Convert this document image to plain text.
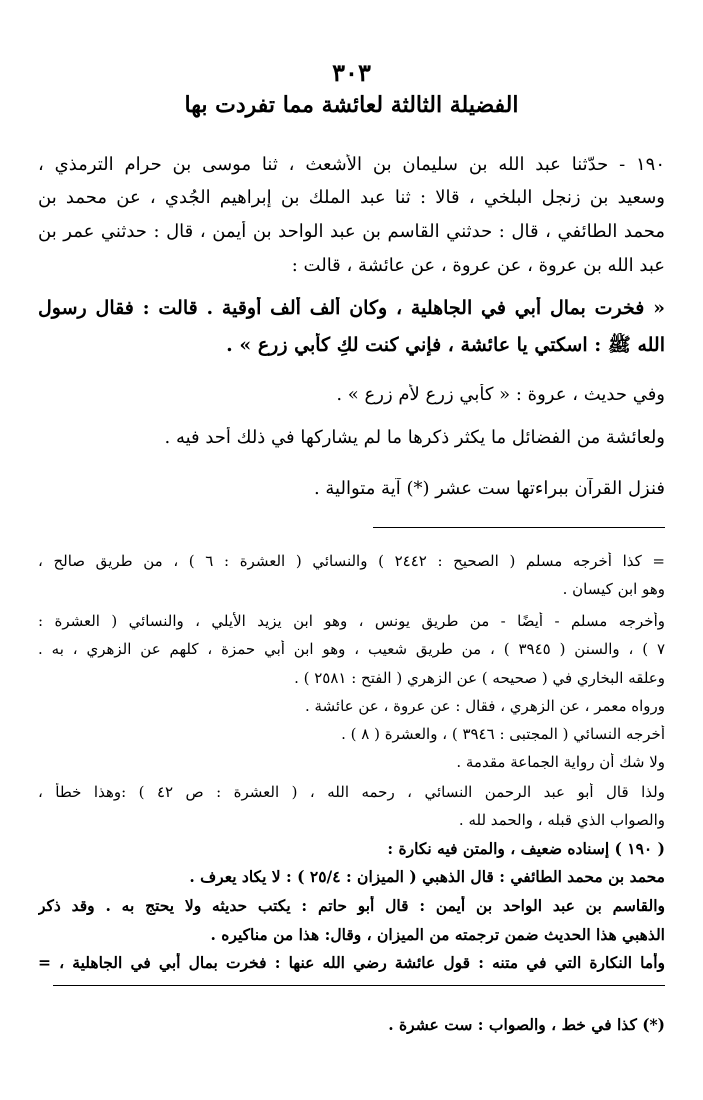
٣٠٣
الفضيلة الثالثة لعائشة مما تفردت بها
١٩٠ - حدّثنا عبد الله بن سليمان بن الأشعث ، ثنا موسى بن حرام الترمذي ،
وسعيد بن زنجل البلخي ، قالا : ثنا عبد الملك بن إبراهيم الجُدي ، عن محمد بن
محمد الطائفي ، قال : حدثني القاسم بن عبد الواحد بن أيمن ، قال : حدثني عمر بن
عبد الله بن عروة ، عن عروة ، عن عائشة ، قالت :
« فخرت بمال أبي في الجاهلية ، وكان ألف ألف أوقية . قالت : فقال رسول
الله ﷺ : اسكتي يا عائشة ، فإني كنت لكِ كأبي زرع » .
وفي حديث ، عروة : « كأبي زرع لأم زرع » .
ولعائشة من الفضائل ما يكثر ذكرها ما لم يشاركها في ذلك أحد فيه .
فنزل القرآن ببراءتها ست عشر (*) آية متوالية .
= كذا أخرجه مسلم ( الصحيح : ٢٤٤٢ ) والنسائي ( العشرة : ٦ ) ، من طريق صالح ،
وهو ابن كيسان .
وأخرجه مسلم - أيضًا - من طريق يونس ، وهو ابن يزيد الأيلي ، والنسائي ( العشرة :
٧ ) ، والسنن ( ٣٩٤٥ ) ، من طريق شعيب ، وهو ابن أبي حمزة ، كلهم عن الزهري ، به .
وعلقه البخاري في ( صحيحه ) عن الزهري ( الفتح : ٢٥٨١ ) .
ورواه معمر ، عن الزهري ، فقال : عن عروة ، عن عائشة .
أخرجه النسائي ( المجتبى : ٣٩٤٦ ) ، والعشرة ( ٨ ) .
ولا شك أن رواية الجماعة مقدمة .
ولذا قال أبو عبد الرحمن النسائي ، رحمه الله ، ( العشرة : ص ٤٢ ) :وهذا خطأ ،
والصواب الذي قبله ، والحمد لله .
( ١٩٠ ) إسناده ضعيف ، والمتن فيه نكارة :
محمد بن محمد الطائفي : قال الذهبي ( الميزان : ٢٥/٤ ) : لا يكاد يعرف .
والقاسم بن عبد الواحد بن أيمن : قال أبو حاتم : يكتب حديثه ولا يحتج به . وقد ذكر
الذهبي هذا الحديث ضمن ترجمته من الميزان ، وقال: هذا من مناكيره .
وأما النكارة التي في متنه : قول عائشة رضي الله عنها : فخرت بمال أبي في الجاهلية ، =
(*) كذا في خط ، والصواب : ست عشرة .
